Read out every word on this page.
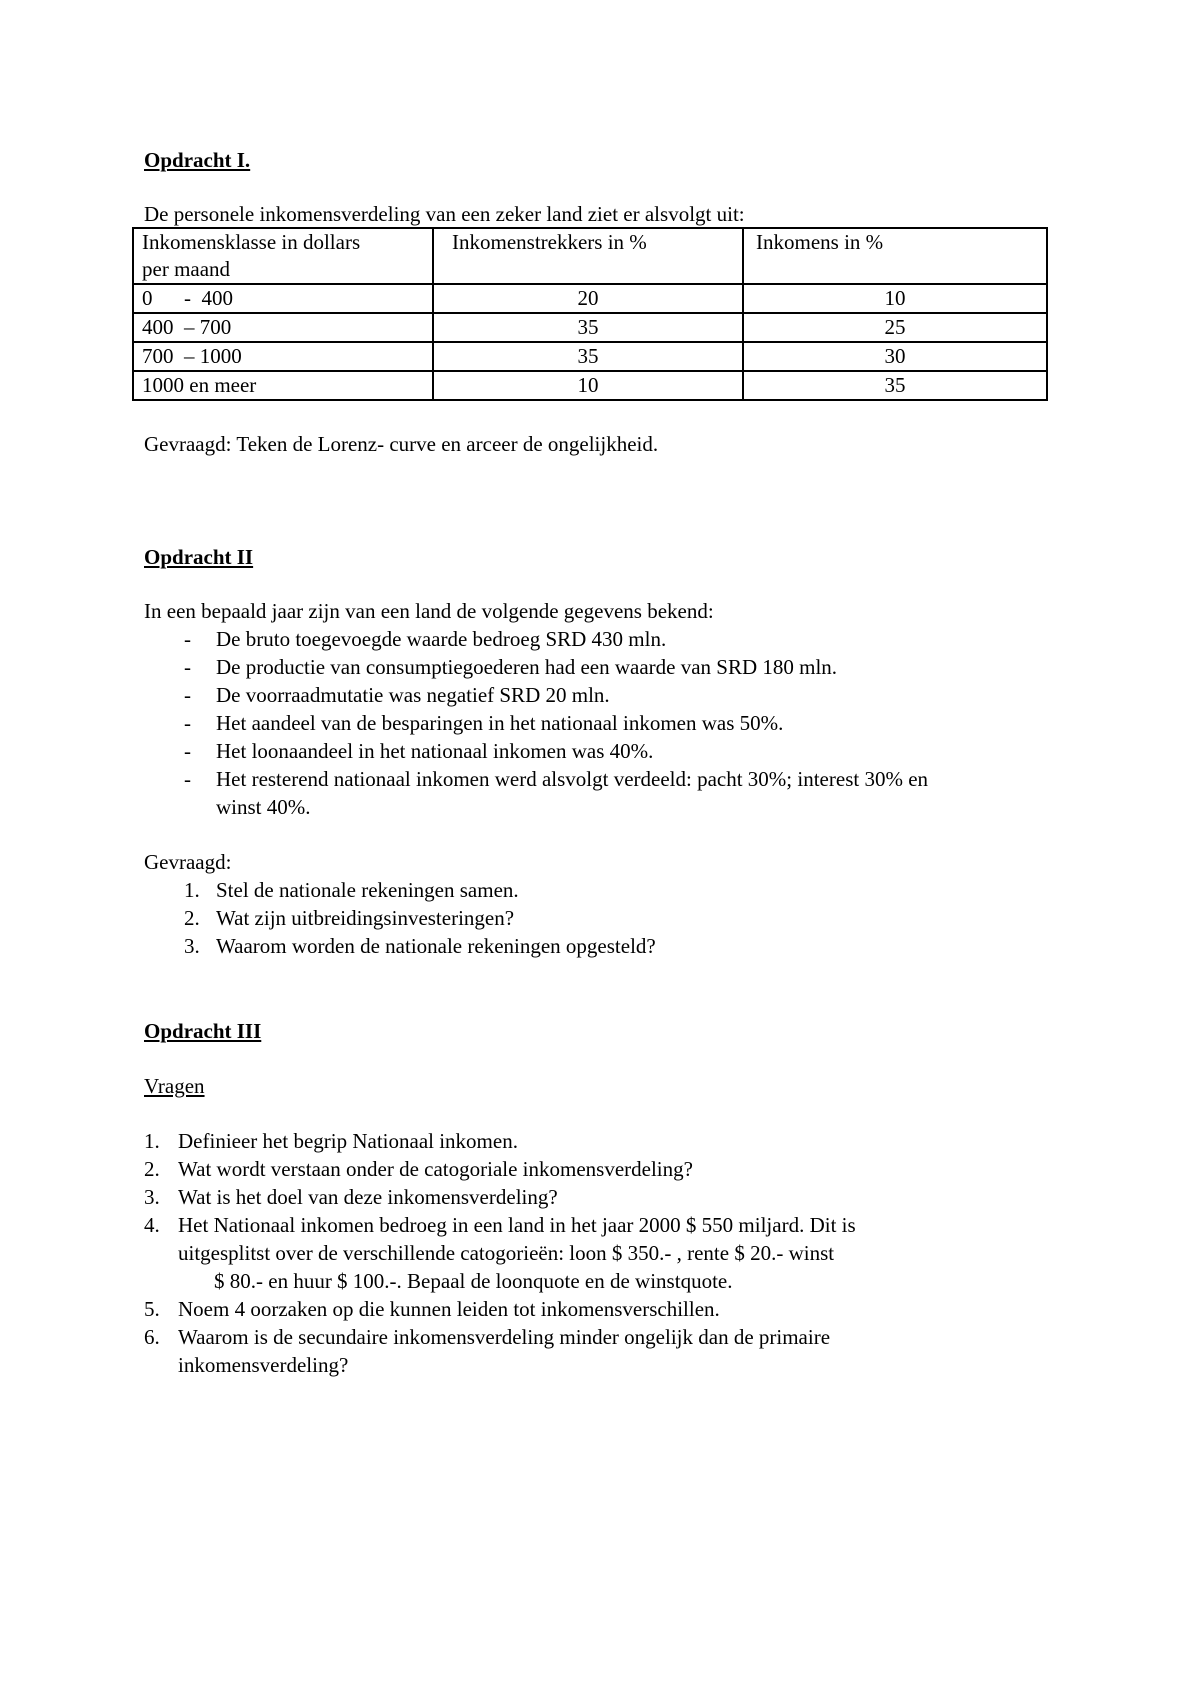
Opdracht I.
De personele inkomensverdeling van een zeker land ziet er alsvolgt uit:
Inkomensklasse in dollars
per maand	Inkomenstrekkers in %	Inkomens in %
0      -  400	20	10
400  – 700	35	25
700  – 1000	35	30
1000 en meer	10	35
Gevraagd: Teken de Lorenz- curve en arceer de ongelijkheid.
Opdracht II
In een bepaald jaar zijn van een land de volgende gegevens bekend:
- De bruto toegevoegde waarde bedroeg SRD 430 mln.
- De productie van consumptiegoederen had een waarde van SRD 180 mln.
- De voorraadmutatie was negatief SRD 20 mln.
- Het aandeel van de besparingen in het nationaal inkomen was 50%.
- Het loonaandeel in het nationaal inkomen was 40%.
- Het resterend nationaal inkomen werd alsvolgt verdeeld: pacht 30%; interest 30% en
winst 40%.
Gevraagd:
1. Stel de nationale rekeningen samen.
2. Wat zijn uitbreidingsinvesteringen?
3. Waarom worden de nationale rekeningen opgesteld?
Opdracht III
Vragen
1. Definieer het begrip Nationaal inkomen.
2. Wat wordt verstaan onder de catogoriale inkomensverdeling?
3. Wat is het doel van deze inkomensverdeling?
4. Het Nationaal inkomen bedroeg in een land in het jaar 2000 $ 550 miljard. Dit is
uitgesplitst over de verschillende catogorieën: loon $ 350.- , rente $ 20.- winst
$ 80.- en huur $ 100.-. Bepaal de loonquote en de winstquote.
5. Noem 4 oorzaken op die kunnen leiden tot inkomensverschillen.
6. Waarom is de secundaire inkomensverdeling minder ongelijk dan de primaire
inkomensverdeling?
